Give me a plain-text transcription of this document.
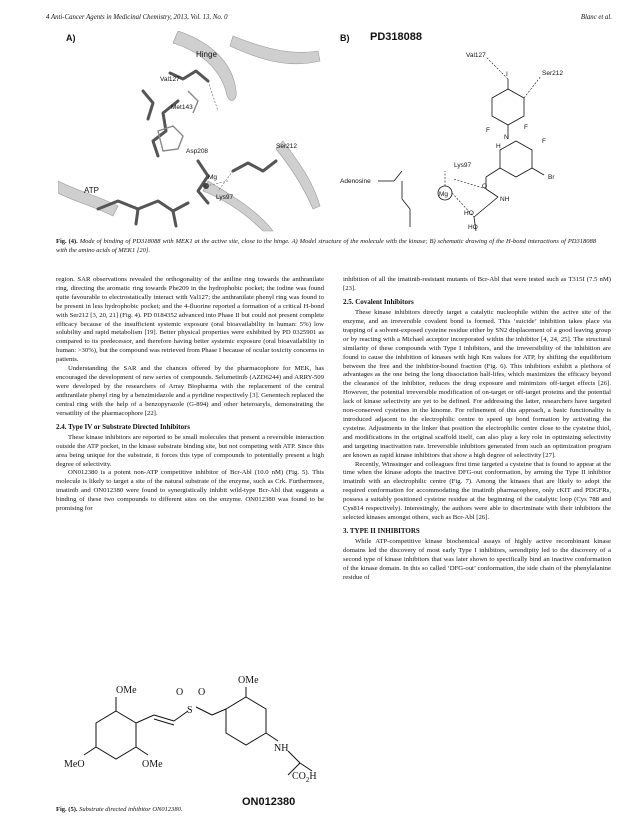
4 Anti-Cancer Agents in Medicinal Chemistry, 2013, Vol. 13, No. 0	Blanc et al.
Hinge
Val127
Met143
Asp208
Ser212
Mg
Lys97
ATP
A)
Lys97
Val127
Ser212
Adenosine
Mg
I
F	F
F
H
N
Br
NH
O
HO
HO
B) PD318088
Fig. (4). Mode of binding of PD318088 with MEK1 at the active site, close to the hinge. A) Model structure of the molecule with the kinase; B) schematic drawing of the H-bond interactions of PD318088 with the amino acids of MEK1 [20].

region. SAR observations revealed the orthogonality of the aniline ring towards the anthranilate ring, directing the aromatic ring towards Phe209 in the hydrophobic pocket; the iodine was found quite favourable to electrostatically interact with Val127; the anthranilate phenyl ring was found to be present in less hydrophobic pocket; and the 4-fluorine reported a formation of a critical H-bond with Ser212 [3, 20, 21] (Fig. 4). PD 0184352 advanced into Phase II but could not present complete efficacy because of the insufficient systemic exposure (oral bioavailability in human: 5%) low solubility and rapid metabolism [19]. Better physical properties were exhibited by PD 0325901 as compared to its predecessor, and therefore having better systemic exposure (oral bioavailability in human: >30%), but the compound was retrieved from Phase I because of ocular toxicity concerns in patients.

Understanding the SAR and the chances offered by the pharmacophore for MEK, has encouraged the development of new series of compounds. Selumetinib (AZD6244) and ARRY-509 were developed by the researchers of Array Biopharma with the replacement of the central anthranilate phenyl ring by a benzimidazole and a pyridine respectively [3]. Genentech replaced the central ring with the help of a benzopyrazole (G-894) and other heteroaryls, demonstrating the versatility of the pharmacophore [22].

2.4. Type IV or Substrate Directed Inhibitors

These kinase inhibitors are reported to be small molecules that present a reversible interaction outside the ATP pocket, in the kinase substrate binding site, but not competing with ATP. Since this area being unique for the substrate, it forces this type of compounds to potentially present a high degree of selectivity.

ON012380 is a potent non-ATP competitive inhibitor of Bcr-Abl (10.0 nM) (Fig. 5). This molecule is likely to target a site of the natural substrate of the enzyme, such as Crk. Furthermore, imatinib and ON012380 were found to synergistically inhibit wild-type Bcr-Abl that suggests a binding of these two compounds to different sites on the enzyme. ON012380 was found to be promising for

OMe
MeO	OMe
O O
S
OMe
NH
$CO_2H$
ON012380
Fig. (5). Substrate directed inhibitor ON012380.

inhibition of all the imatinib-resistant mutants of Bcr-Abl that were tested such as T315I (7.5 nM) [23].

2.5. Covalent Inhibitors

These kinase inhibitors directly target a catalytic nucleophile within the active site of the enzyme, and an irreversible covalent bond is formed. This ‘suicide’ inhibition takes place via trapping of a solvent-exposed cysteine residue either by SN2 displacement of a good leaving group or by reacting with a Michael acceptor incorporated within the inhibitor [4, 24, 25]. The structural similarity of these compounds with Type I inhibitors, and the irreversibility of the inhibition are found to cause the inhibition of kinases with high Km values for ATP, by shifting the equilibrium between the free and the inhibitor-bound fraction (Fig. 6). This inhibitors exhibit a plethora of advantages as the one being the long dissociation half-lifes, which maximizes the efficacy beyond the clearance of the inhibitor, reduces the drug exposure and minimizes off-target effects [26]. However, the potential irreversible modification of on-target or off-target proteins and the potential lack of kinase selectivity are yet to be defined. For addressing the latter, researchers have targeted non-conserved cysteines in the kinome. For refinement of this approach, a basic functionality is introduced adjacent to the electrophilic centre to speed up bond formation by activating the cysteine. Adjustments in the linker that position the electrophilic centre close to the cysteine thiol, and modifications in the original scaffold itself, can also play a key role in optimizing selectivity and targeting inactivation rate. Irreversible inhibitors generated from such an optimization program are known as rapid kinase inhibitors that show a high degree of selectivity [27].

Recently, Winssinger and colleagues first time targeted a cysteine that is found to appear at the time when the kinase adopts the inactive DFG-out conformation, by arming the Type II inhibitor imatinib with an electrophilic centre (Fig. 7). Among the kinases that are likely to adopt the required conformation for accommodating the imatinib pharmacophore, only cKIT and PDGFRs, possess a suitably positioned cysteine residue at the beginning of the catalytic loop (Cys 788 and Cys814 respectively). Interestingly, the authors were able to discriminate with their inhibitors the selected kinases amongst others, such as Bcr-Abl [26].

3. TYPE II INHIBITORS

While ATP-competitive kinase biochemical assays of highly active recombinant kinase domains led the discovery of most early Type I inhibitors, serendipity led to the discovery of a second type of kinase inhibitors that was later shown to specifically bind an inactive conformation of the kinase domain. In this so called ‘DFG-out’ conformation, the side chain of the phenylalanine residue of
